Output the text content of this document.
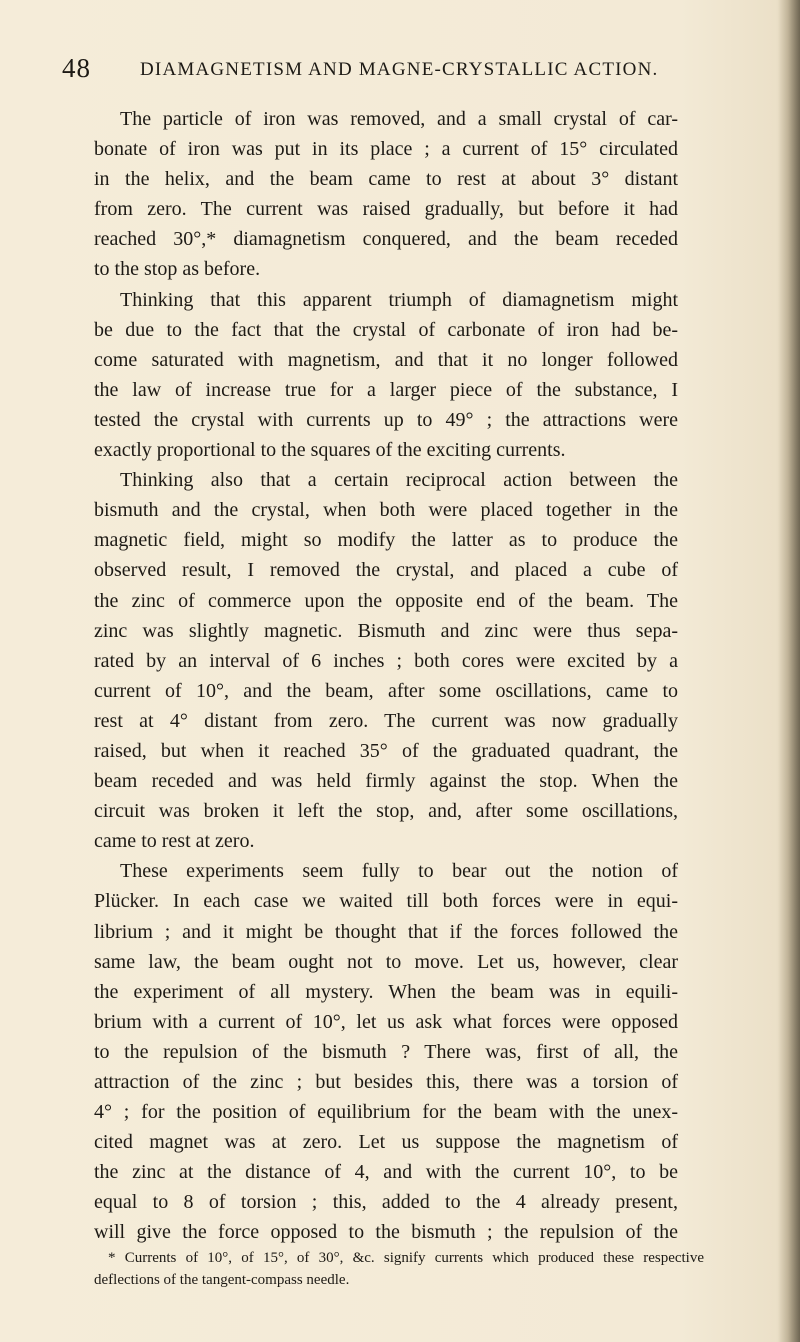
48	DIAMAGNETISM AND MAGNE-CRYSTALLIC ACTION.
The particle of iron was removed, and a small crystal of car-
bonate of iron was put in its place ; a current of 15° circulated
in the helix, and the beam came to rest at about 3° distant
from zero. The current was raised gradually, but before it had
reached 30°,* diamagnetism conquered, and the beam receded
to the stop as before.
Thinking that this apparent triumph of diamagnetism might
be due to the fact that the crystal of carbonate of iron had be-
come saturated with magnetism, and that it no longer followed
the law of increase true for a larger piece of the substance, I
tested the crystal with currents up to 49° ; the attractions were
exactly proportional to the squares of the exciting currents.
Thinking also that a certain reciprocal action between the
bismuth and the crystal, when both were placed together in the
magnetic field, might so modify the latter as to produce the
observed result, I removed the crystal, and placed a cube of
the zinc of commerce upon the opposite end of the beam. The
zinc was slightly magnetic. Bismuth and zinc were thus sepa-
rated by an interval of 6 inches ; both cores were excited by a
current of 10°, and the beam, after some oscillations, came to
rest at 4° distant from zero. The current was now gradually
raised, but when it reached 35° of the graduated quadrant, the
beam receded and was held firmly against the stop. When the
circuit was broken it left the stop, and, after some oscillations,
came to rest at zero.
These experiments seem fully to bear out the notion of
Plücker. In each case we waited till both forces were in equi-
librium ; and it might be thought that if the forces followed the
same law, the beam ought not to move. Let us, however, clear
the experiment of all mystery. When the beam was in equili-
brium with a current of 10°, let us ask what forces were opposed
to the repulsion of the bismuth ? There was, first of all, the
attraction of the zinc ; but besides this, there was a torsion of
4° ; for the position of equilibrium for the beam with the unex-
cited magnet was at zero. Let us suppose the magnetism of
the zinc at the distance of 4, and with the current 10°, to be
equal to 8 of torsion ; this, added to the 4 already present,
will give the force opposed to the bismuth ; the repulsion of the
* Currents of 10°, of 15°, of 30°, &c. signify currents which produced these respective
deflections of the tangent-compass needle.
